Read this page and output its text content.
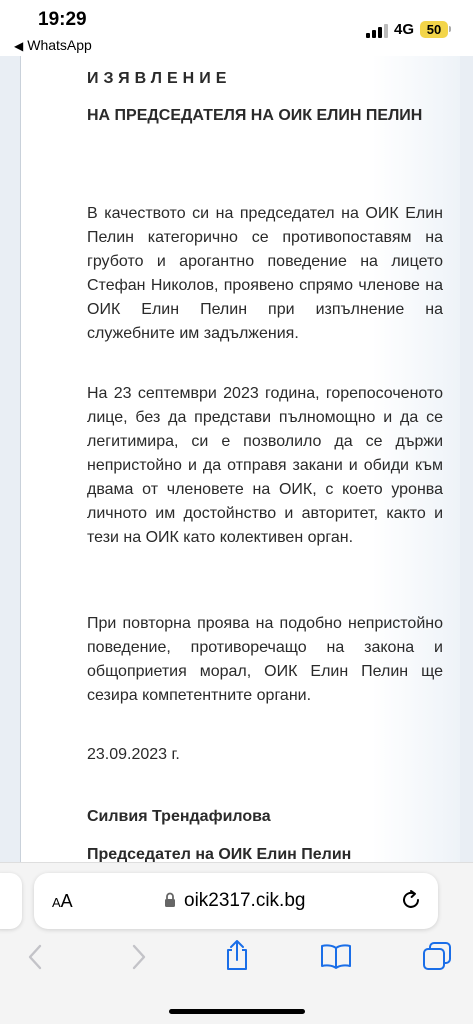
19:29
◀ WhatsApp
4G 50
ИЗЯВЛЕНИЕ
НА ПРЕДСЕДАТЕЛЯ НА ОИК ЕЛИН ПЕЛИН
В качеството си на председател на ОИК Елин Пелин категорично се противопоставям на грубото и арогантно поведение на лицето Стефан Николов, проявено спрямо членове на ОИК Елин Пелин при изпълнение на служебните им задължения.
На 23 септември 2023 година, горепосоченото лице, без да представи пълномощно и да се легитимира, си е позволило да се държи непристойно и да отправя закани и обиди към двама от членовете на ОИК, с което уронва личното им достойнство и авторитет, както и тези на ОИК като колективен орган.
При повторна проява на подобно непристойно поведение, противоречащо на закона и общоприетия морал, ОИК Елин Пелин ще сезира компетентните органи.
23.09.2023 г.
Силвия Трендафилова
Председател на ОИК Елин Пелин
AA	oik2317.cik.bg
